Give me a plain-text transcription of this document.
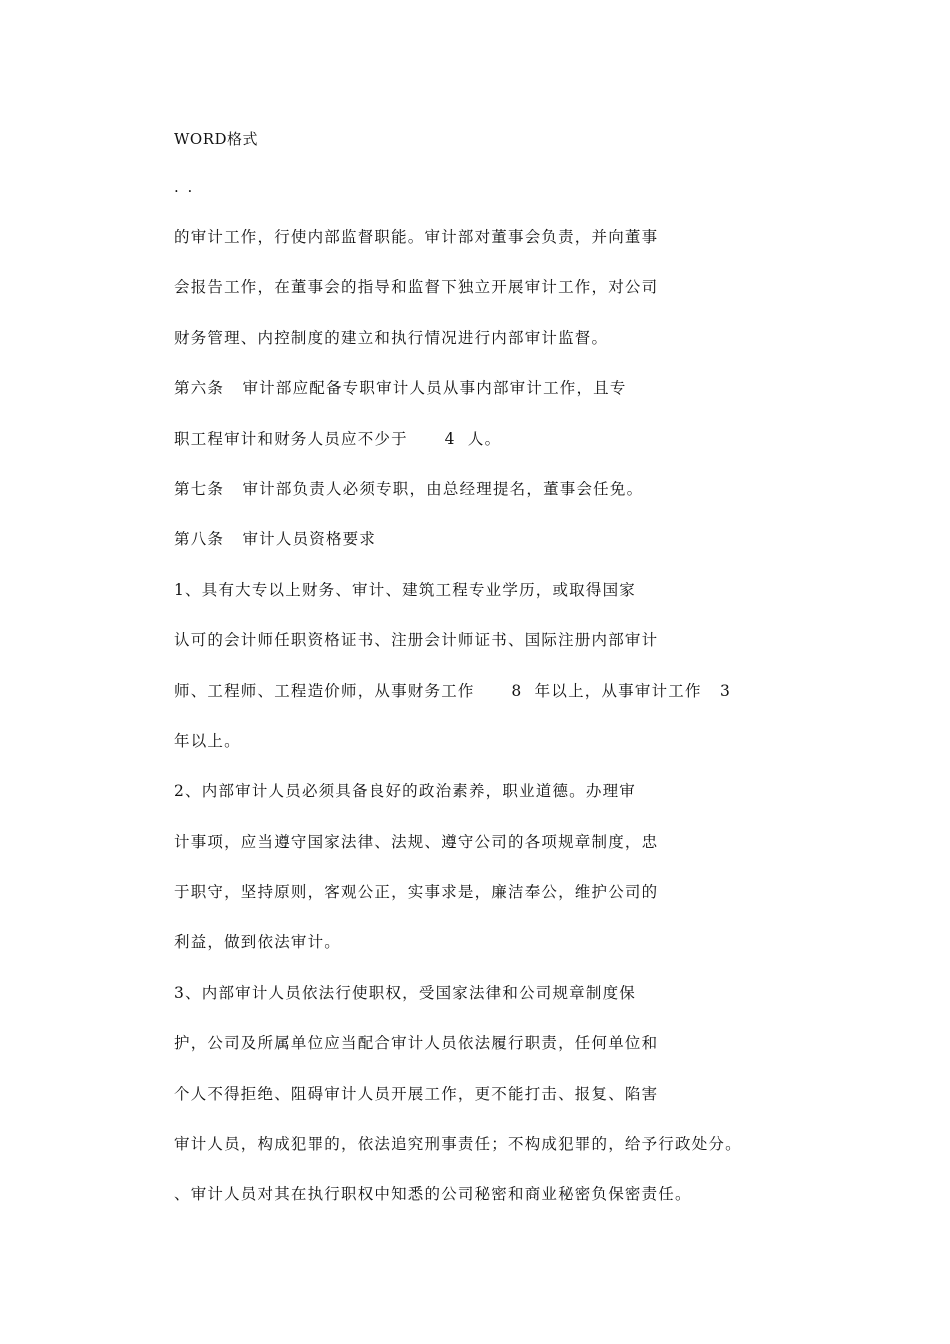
WORD格式
. .
的审计工作，行使内部监督职能。审计部对董事会负责，并向董事
会报告工作，在董事会的指导和监督下独立开展审计工作，对公司
财务管理、内控制度的建立和执行情况进行内部审计监督。
第六条   审计部应配备专职审计人员从事内部审计工作，且专
职工程审计和财务人员应不少于      4  人。
第七条   审计部负责人必须专职，由总经理提名，董事会任免。
第八条   审计人员资格要求
1、具有大专以上财务、审计、建筑工程专业学历，或取得国家
认可的会计师任职资格证书、注册会计师证书、国际注册内部审计
师、工程师、工程造价师，从事财务工作      8  年以上，从事审计工作   3
年以上。
2、内部审计人员必须具备良好的政治素养，职业道德。办理审
计事项，应当遵守国家法律、法规、遵守公司的各项规章制度，忠
于职守，坚持原则，客观公正，实事求是，廉洁奉公，维护公司的
利益，做到依法审计。
3、内部审计人员依法行使职权，受国家法律和公司规章制度保
护，公司及所属单位应当配合审计人员依法履行职责，任何单位和
个人不得拒绝、阻碍审计人员开展工作，更不能打击、报复、陷害
审计人员，构成犯罪的，依法追究刑事责任；不构成犯罪的，给予行政处分。
、审计人员对其在执行职权中知悉的公司秘密和商业秘密负保密责任。
